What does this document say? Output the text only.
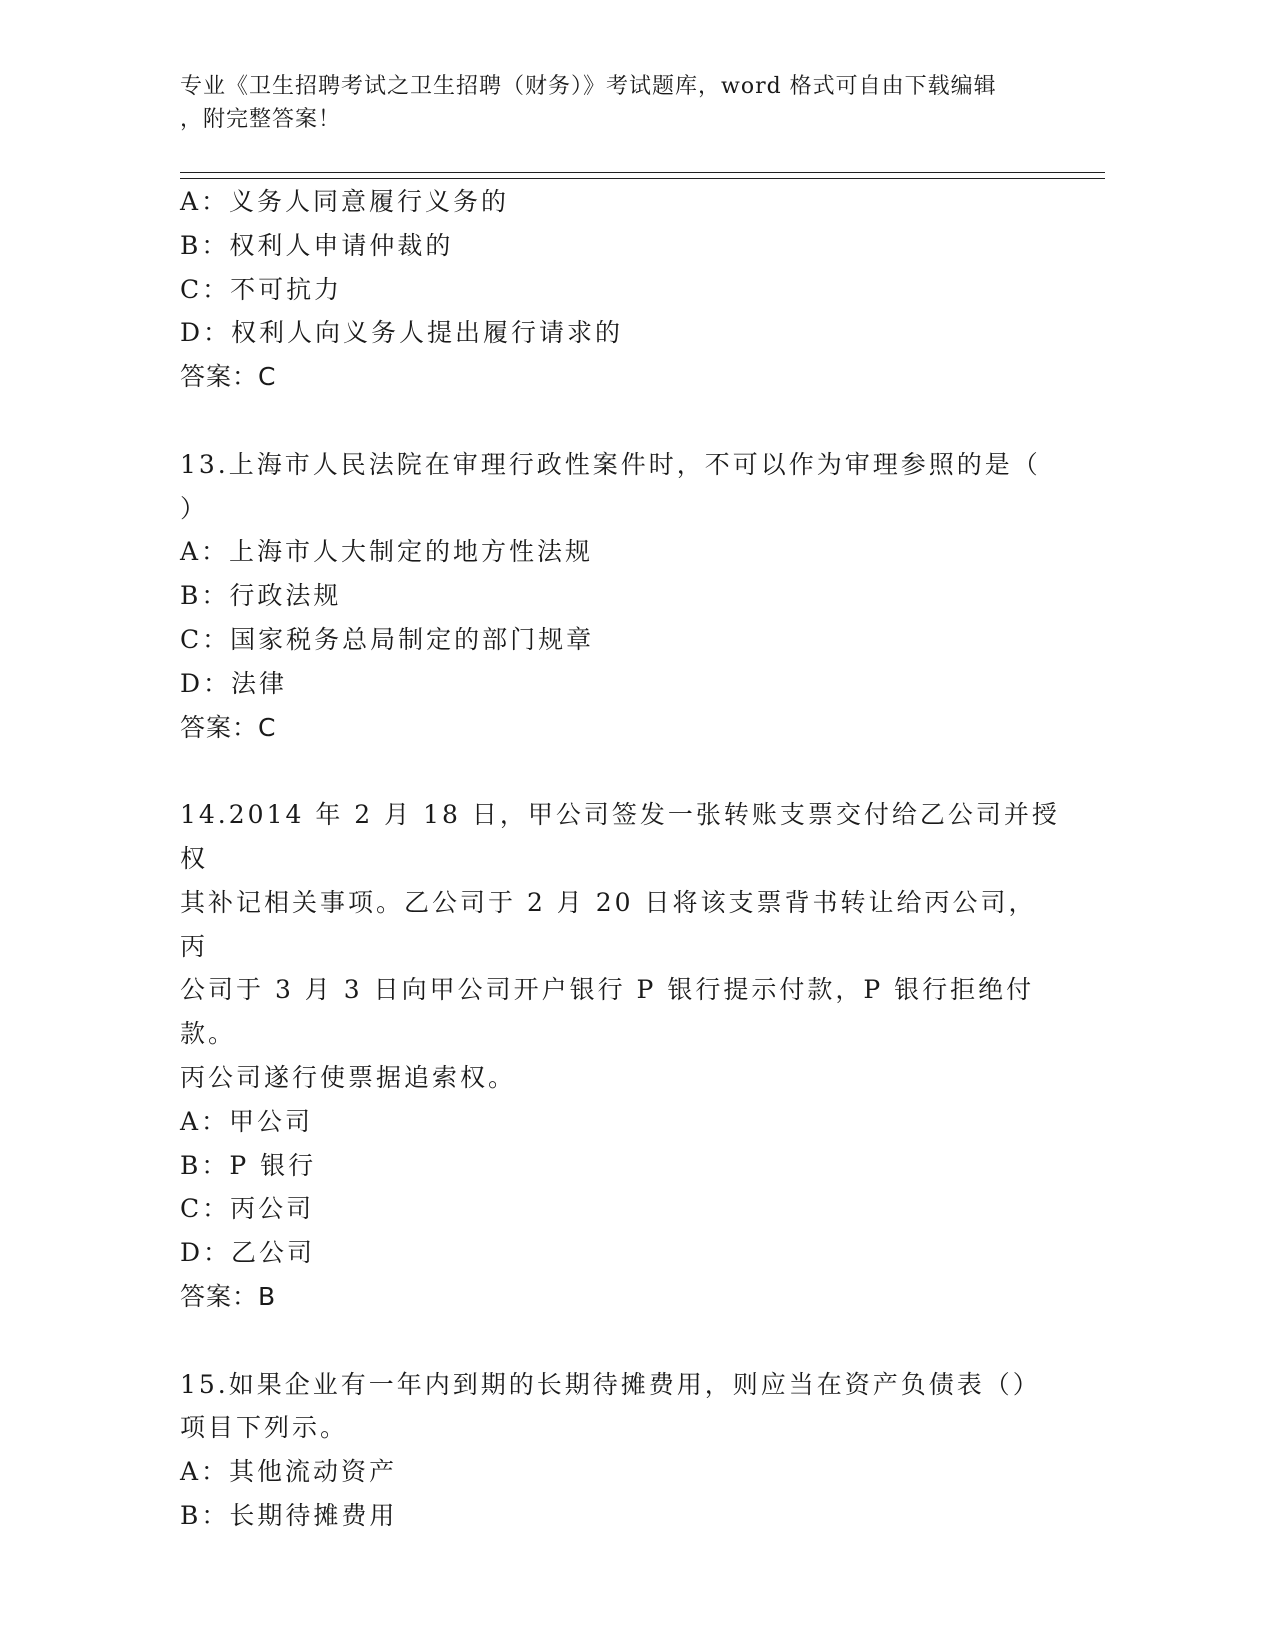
专业《卫生招聘考试之卫生招聘（财务）》考试题库，word 格式可自由下载编辑
，附完整答案！
A：义务人同意履行义务的
B：权利人申请仲裁的
C：不可抗力
D：权利人向义务人提出履行请求的
答案：C
13.上海市人民法院在审理行政性案件时，不可以作为审理参照的是（
）
A：上海市人大制定的地方性法规
B：行政法规
C：国家税务总局制定的部门规章
D：法律
答案：C
14.2014 年 2 月 18 日，甲公司签发一张转账支票交付给乙公司并授权
其补记相关事项。乙公司于 2 月 20 日将该支票背书转让给丙公司，丙
公司于 3 月 3 日向甲公司开户银行 P 银行提示付款，P 银行拒绝付款。
丙公司遂行使票据追索权。
A：甲公司
B：P 银行
C：丙公司
D：乙公司
答案：B
15.如果企业有一年内到期的长期待摊费用，则应当在资产负债表（）
项目下列示。
A：其他流动资产
B：长期待摊费用
